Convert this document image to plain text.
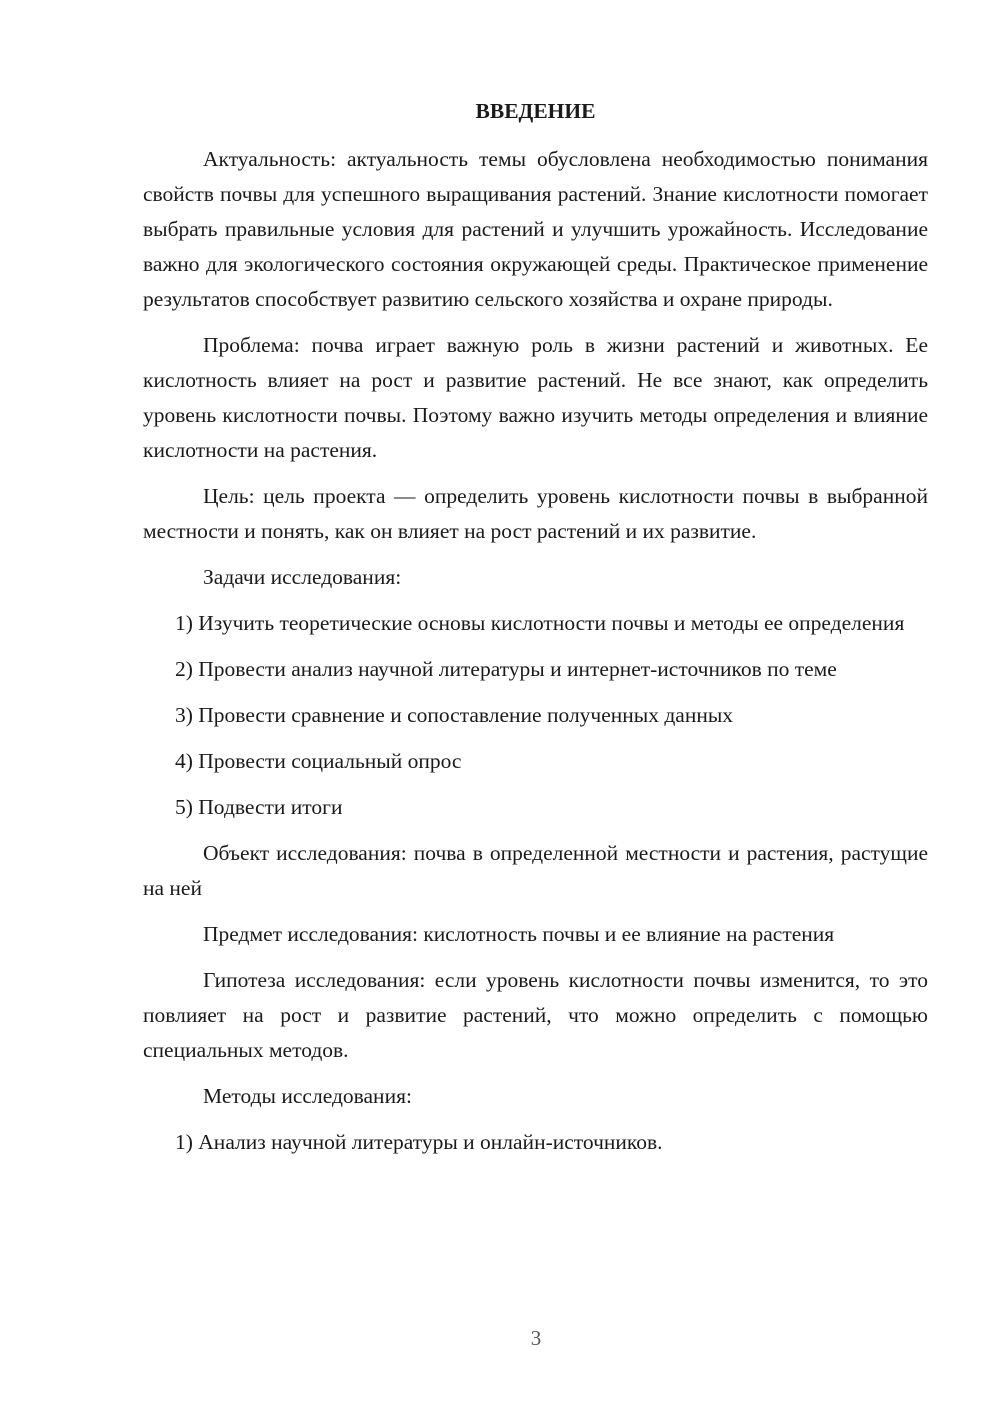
ВВЕДЕНИЕ
Актуальность: актуальность темы обусловлена необходимостью понимания свойств почвы для успешного выращивания растений. Знание кислотности помогает выбрать правильные условия для растений и улучшить урожайность. Исследование важно для экологического состояния окружающей среды. Практическое применение результатов способствует развитию сельского хозяйства и охране природы.
Проблема: почва играет важную роль в жизни растений и животных. Ее кислотность влияет на рост и развитие растений. Не все знают, как определить уровень кислотности почвы. Поэтому важно изучить методы определения и влияние кислотности на растения.
Цель: цель проекта — определить уровень кислотности почвы в выбранной местности и понять, как он влияет на рост растений и их развитие.
Задачи исследования:
1) Изучить теоретические основы кислотности почвы и методы ее определения
2) Провести анализ научной литературы и интернет-источников по теме
3) Провести сравнение и сопоставление полученных данных
4) Провести социальный опрос
5) Подвести итоги
Объект исследования: почва в определенной местности и растения, растущие на ней
Предмет исследования: кислотность почвы и ее влияние на растения
Гипотеза исследования: если уровень кислотности почвы изменится, то это повлияет на рост и развитие растений, что можно определить с помощью специальных методов.
Методы исследования:
1) Анализ научной литературы и онлайн-источников.
3
